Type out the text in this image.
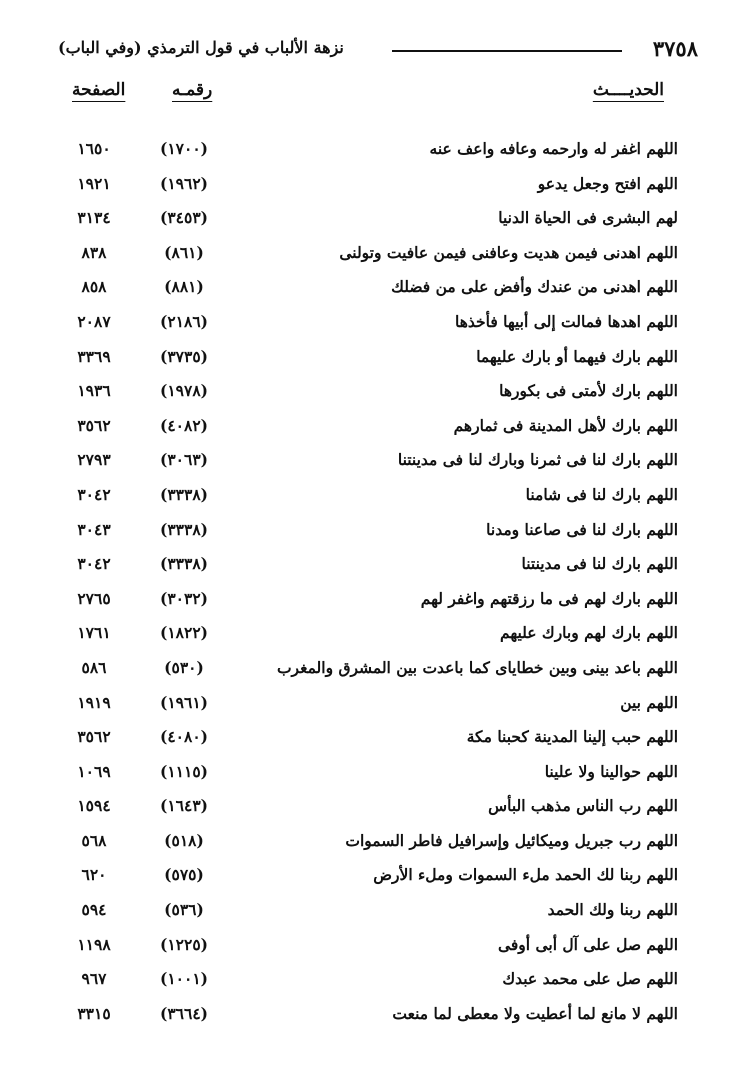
٣٧٥٨
نزهة الألباب في قول الترمذي (وفي الباب)
الحديــــث
رقمـه
الصفحة
اللهم اغفر له وارحمه وعافه واعف عنه
(١٧٠٠)
١٦٥٠
اللهم افتح وجعل يدعو
(١٩٦٢)
١٩٢١
لهم البشرى فى الحياة الدنيا
(٣٤٥٣)
٣١٣٤
اللهم اهدنى فيمن هديت وعافنى فيمن عافيت وتولنى
(٨٦١)
٨٣٨
اللهم اهدنى من عندك وأفض على من فضلك
(٨٨١)
٨٥٨
اللهم اهدها فمالت إلى أبيها فأخذها
(٢١٨٦)
٢٠٨٧
اللهم بارك فيهما أو بارك عليهما
(٣٧٣٥)
٣٣٦٩
اللهم بارك لأمتى فى بكورها
(١٩٧٨)
١٩٣٦
اللهم بارك لأهل المدينة فى ثمارهم
(٤٠٨٢)
٣٥٦٢
اللهم بارك لنا فى ثمرنا وبارك لنا فى مدينتنا
(٣٠٦٣)
٢٧٩٣
اللهم بارك لنا فى شامنا
(٣٣٣٨)
٣٠٤٢
اللهم بارك لنا فى صاعنا ومدنا
(٣٣٣٨)
٣٠٤٣
اللهم بارك لنا فى مدينتنا
(٣٣٣٨)
٣٠٤٢
اللهم بارك لهم فى ما رزقتهم واغفر لهم
(٣٠٣٢)
٢٧٦٥
اللهم بارك لهم وبارك عليهم
(١٨٢٢)
١٧٦١
اللهم باعد بينى وبين خطاياى كما باعدت بين المشرق والمغرب
(٥٣٠)
٥٨٦
اللهم بين
(١٩٦١)
١٩١٩
اللهم حبب إلينا المدينة كحبنا مكة
(٤٠٨٠)
٣٥٦٢
اللهم حوالينا ولا علينا
(١١١٥)
١٠٦٩
اللهم رب الناس مذهب البأس
(١٦٤٣)
١٥٩٤
اللهم رب جبريل وميكائيل وإسرافيل فاطر السموات
(٥١٨)
٥٦٨
اللهم ربنا لك الحمد ملء السموات وملء الأرض
(٥٧٥)
٦٢٠
اللهم ربنا ولك الحمد
(٥٣٦)
٥٩٤
اللهم صل على آل أبى أوفى
(١٢٢٥)
١١٩٨
اللهم صل على محمد عبدك
(١٠٠١)
٩٦٧
اللهم لا مانع لما أعطيت ولا معطى لما منعت
(٣٦٦٤)
٣٣١٥
